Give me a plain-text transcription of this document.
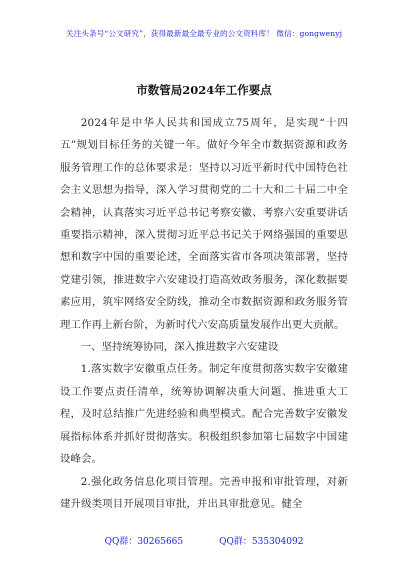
关注头条号“公文研究”，获得最新最全最专业的公文资料库！ 微信：gongwenyj
市数管局2024年工作要点

2024年是中华人民共和国成立75周年，是实现“十四五”规划目标任务的关键一年。做好今年全市数据资源和政务服务管理工作的总体要求是：坚持以习近平新时代中国特色社会主义思想为指导，深入学习贯彻党的二十大和二十届二中全会精神，认真落实习近平总书记考察安徽、考察六安重要讲话重要指示精神，深入贯彻习近平总书记关于网络强国的重要思想和数字中国的重要论述，全面落实省市各项决策部署，坚持党建引领，推进数字六安建设打造高效政务服务，深化数据要素应用，筑牢网络安全防线，推动全市数据资源和政务服务管理工作再上新台阶，为新时代六安高质量发展作出更大贡献。

一、坚持统筹协同，深入推进数字六安建设

1.落实数字安徽重点任务。制定年度贯彻落实数字安徽建设工作要点责任清单，统筹协调解决重大问题、推进重大工程，及时总结推广先进经验和典型模式。配合完善数字安徽发展指标体系并抓好贯彻落实。积极组织参加第七届数字中国建设峰会。

2.强化政务信息化项目管理。完善申报和审批管理，对新建升级类项目开展项目审批，并出具审批意见。健全

QQ群：30265665	QQ群：535304092
